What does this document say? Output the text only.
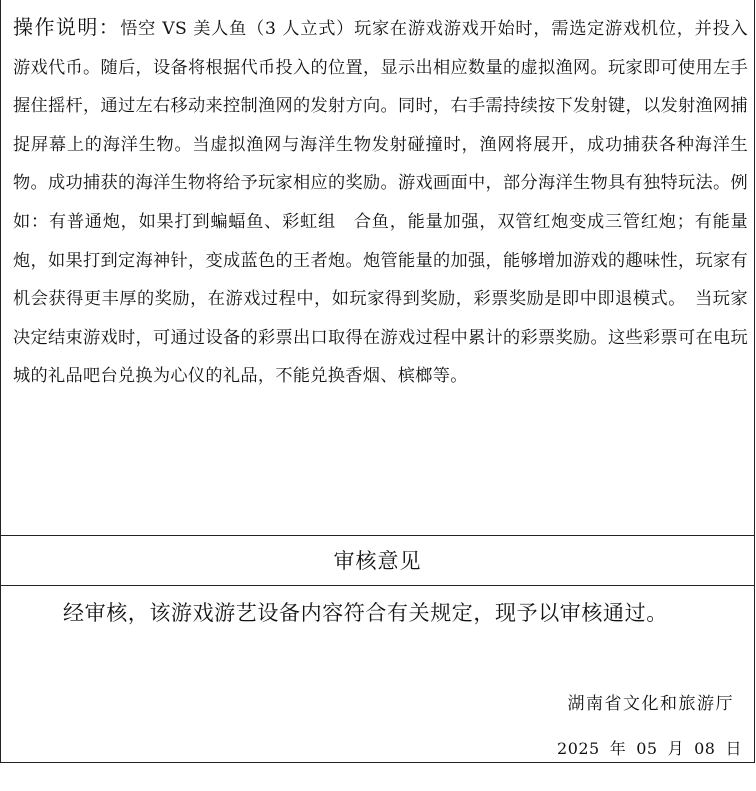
操作说明：悟空 VS 美人鱼（3 人立式）玩家在游戏游戏开始时，需选定游戏机位，并投入游戏代币。随后，设备将根据代币投入的位置，显示出相应数量的虚拟渔网。玩家即可使用左手握住摇杆，通过左右移动来控制渔网的发射方向。同时，右手需持续按下发射键，以发射渔网捕捉屏幕上的海洋生物。当虚拟渔网与海洋生物发射碰撞时，渔网将展开，成功捕获各种海洋生物。成功捕获的海洋生物将给予玩家相应的奖励。游戏画面中，部分海洋生物具有独特玩法。例如：有普通炮，如果打到蝙蝠鱼、彩虹组　合鱼，能量加强，双管红炮变成三管红炮；有能量炮，如果打到定海神针，变成蓝色的王者炮。炮管能量的加强，能够增加游戏的趣味性，玩家有机会获得更丰厚的奖励，在游戏过程中，如玩家得到奖励，彩票奖励是即中即退模式。　当玩家决定结束游戏时，可通过设备的彩票出口取得在游戏过程中累计的彩票奖励。这些彩票可在电玩城的礼品吧台兑换为心仪的礼品，不能兑换香烟、槟榔等。
审核意见
经审核，该游戏游艺设备内容符合有关规定，现予以审核通过。
湖南省文化和旅游厅
2025 年 05 月 08 日
